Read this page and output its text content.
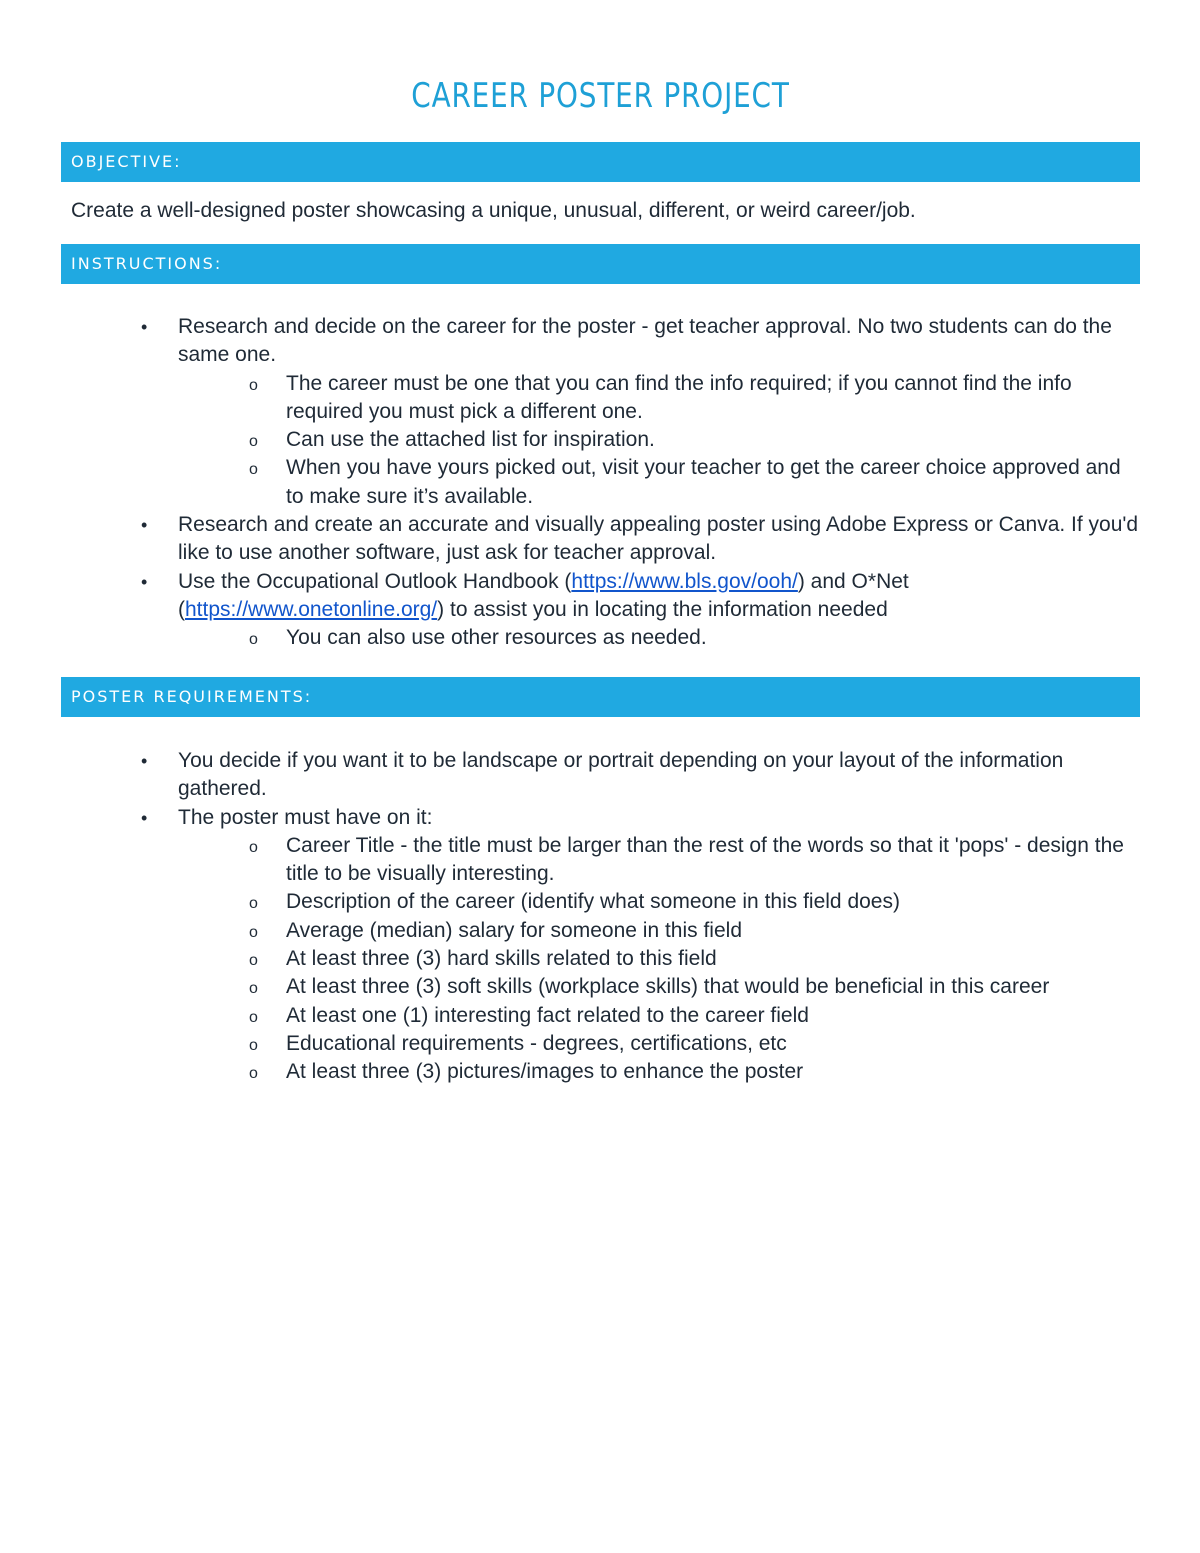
CAREER POSTER PROJECT
OBJECTIVE:
Create a well-designed poster showcasing a unique, unusual, different, or weird career/job.
INSTRUCTIONS:
• Research and decide on the career for the poster - get teacher approval. No two students can do the same one.
o The career must be one that you can find the info required; if you cannot find the info required you must pick a different one.
o Can use the attached list for inspiration.
o When you have yours picked out, visit your teacher to get the career choice approved and to make sure it’s available.
• Research and create an accurate and visually appealing poster using Adobe Express or Canva. If you'd like to use another software, just ask for teacher approval.
• Use the Occupational Outlook Handbook (https://www.bls.gov/ooh/) and O*Net (https://www.onetonline.org/) to assist you in locating the information needed
o You can also use other resources as needed.
POSTER REQUIREMENTS:
• You decide if you want it to be landscape or portrait depending on your layout of the information gathered.
• The poster must have on it:
o Career Title - the title must be larger than the rest of the words so that it 'pops' - design the title to be visually interesting.
o Description of the career (identify what someone in this field does)
o Average (median) salary for someone in this field
o At least three (3) hard skills related to this field
o At least three (3) soft skills (workplace skills) that would be beneficial in this career
o At least one (1) interesting fact related to the career field
o Educational requirements - degrees, certifications, etc
o At least three (3) pictures/images to enhance the poster
